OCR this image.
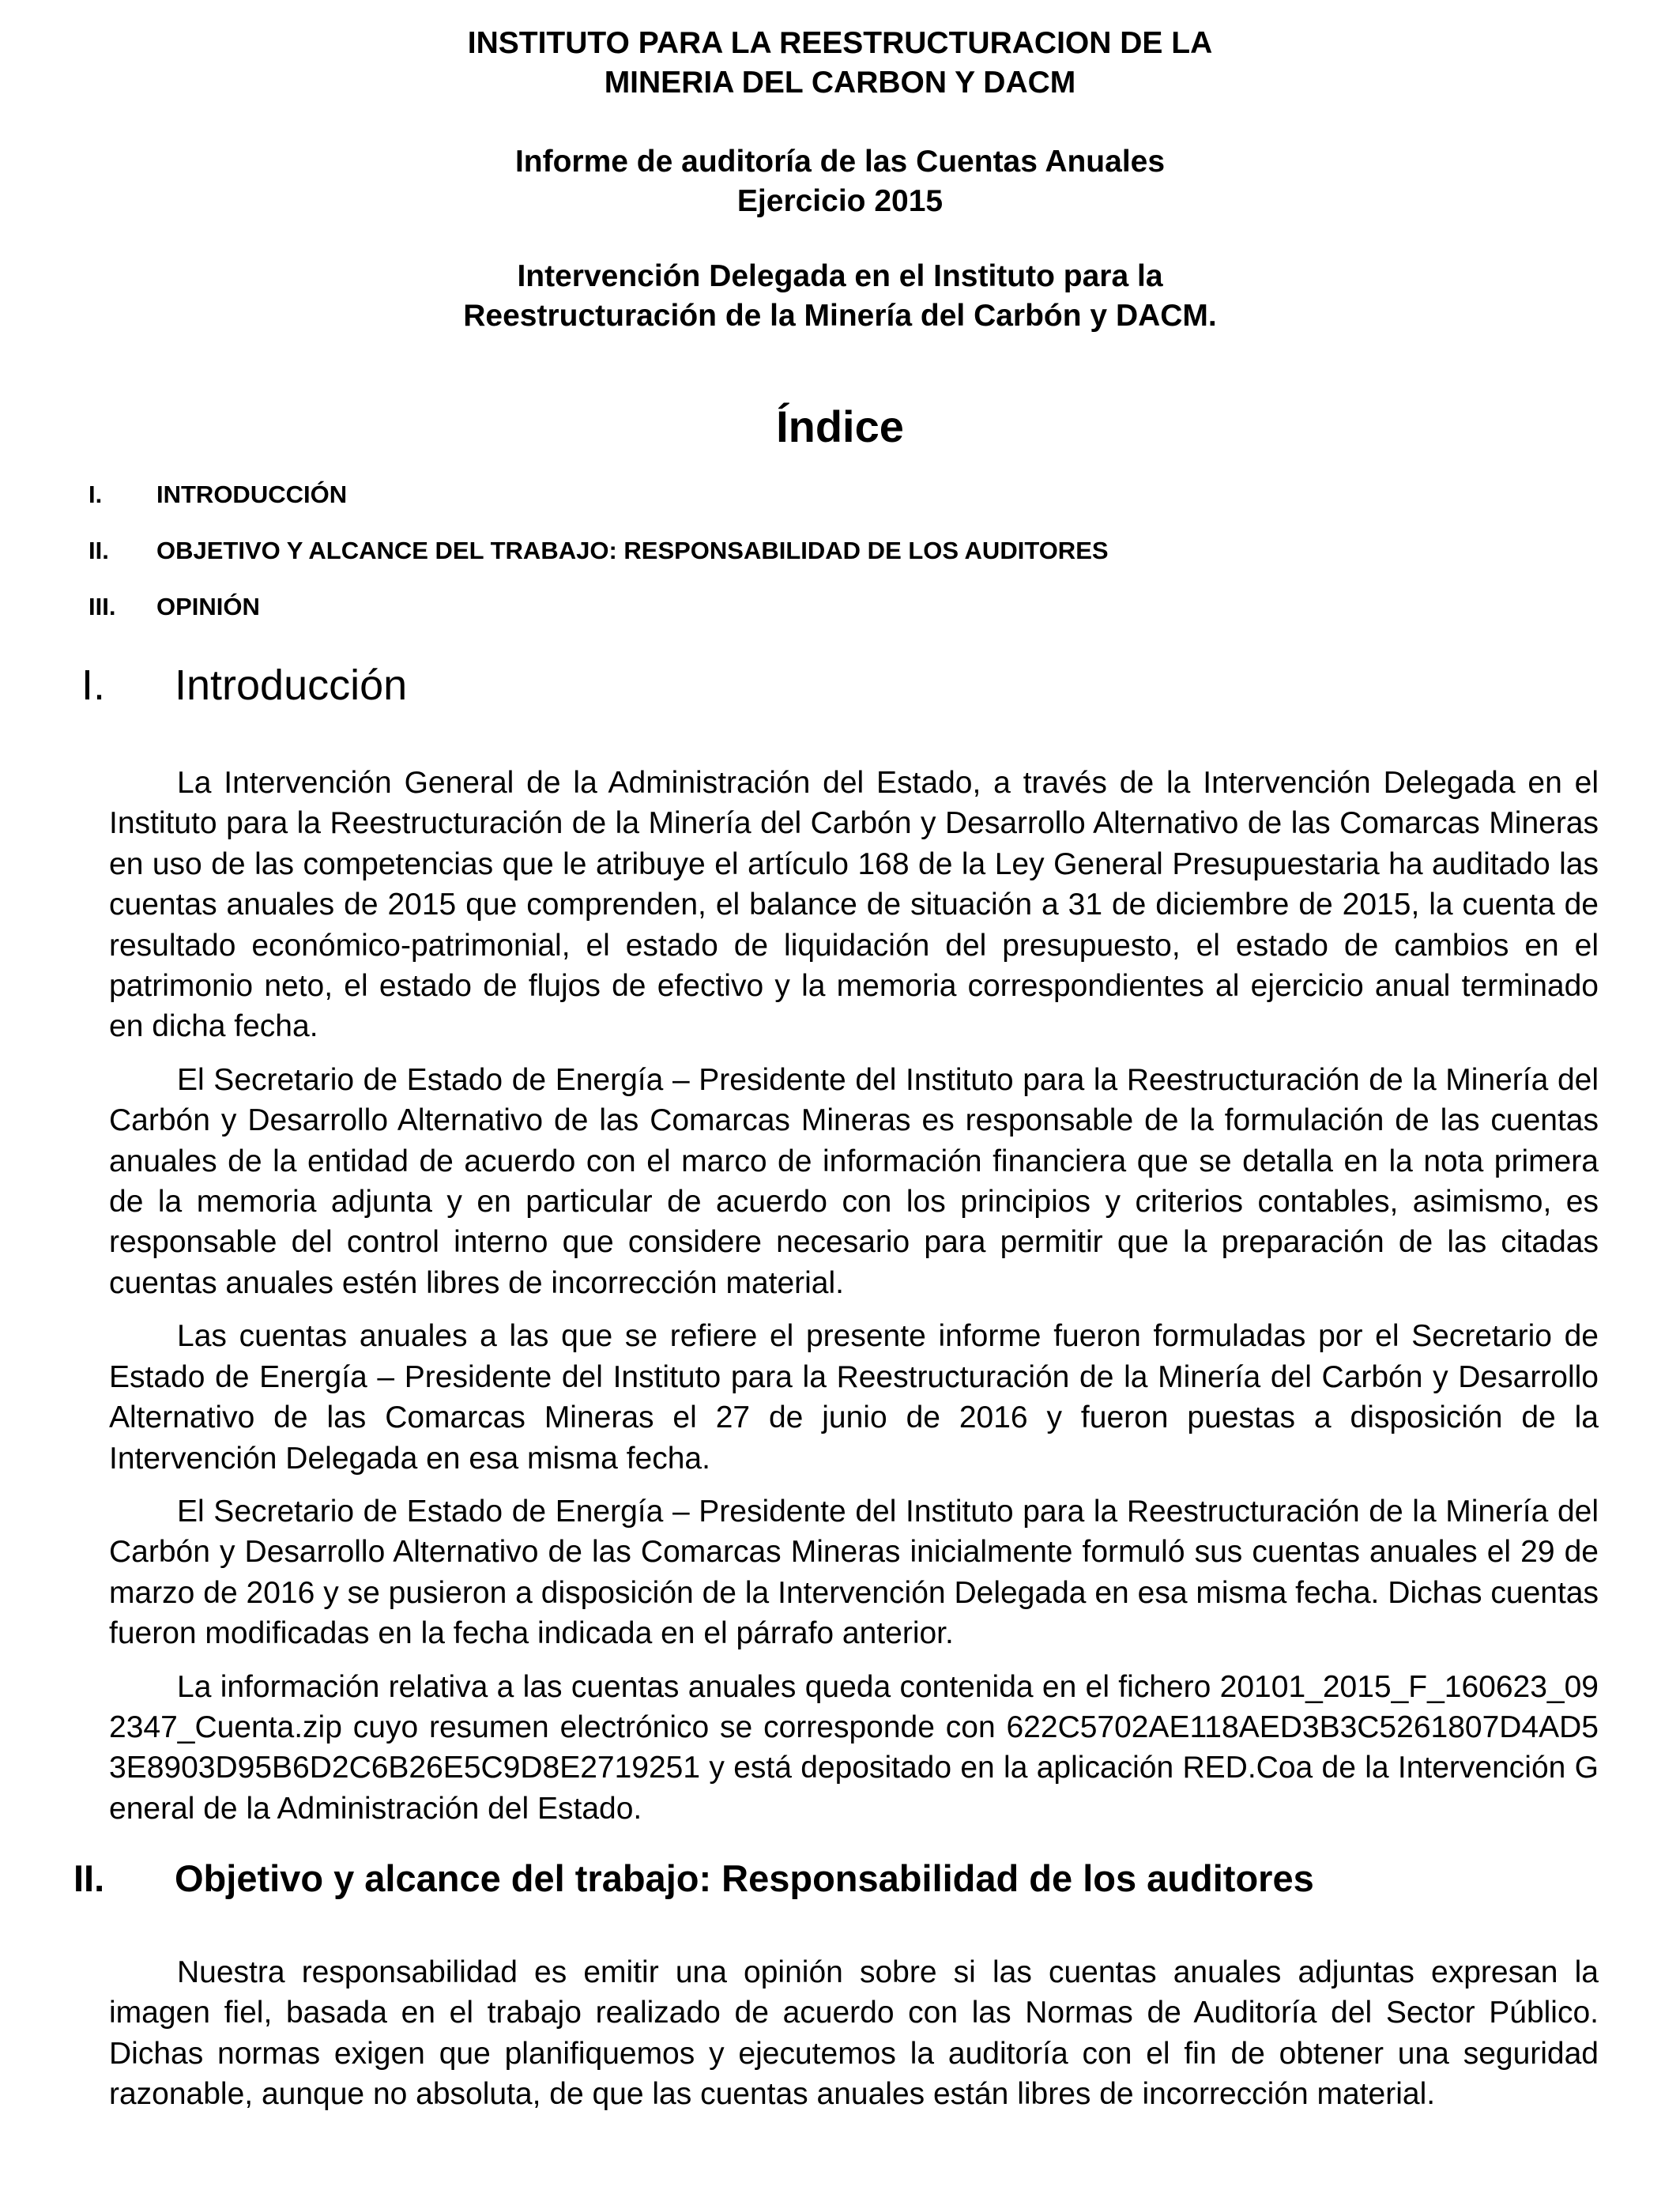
INSTITUTO PARA LA REESTRUCTURACION DE LA
MINERIA DEL CARBON Y DACM
Informe de auditoría de las Cuentas Anuales
Ejercicio 2015
Intervención Delegada en el Instituto para la
Reestructuración de la Minería del Carbón y DACM.
Índice
I. INTRODUCCIÓN
II. OBJETIVO Y ALCANCE DEL TRABAJO: RESPONSABILIDAD DE LOS AUDITORES
III. OPINIÓN
I. Introducción

La Intervención General de la Administración del Estado, a través de la Intervención Delegada en el Instituto para la Reestructuración de la Minería del Carbón y Desarrollo Alternativo de las Comarcas Mineras en uso de las competencias que le atribuye el artículo 168 de la Ley General Presupuestaria ha auditado las cuentas anuales de 2015 que comprenden, el balance de situación a 31 de diciembre de 2015, la cuenta de resultado económico-patrimonial, el estado de liquidación del presupuesto, el estado de cambios en el patrimonio neto, el estado de flujos de efectivo y la memoria correspondientes al ejercicio anual terminado en dicha fecha.

El Secretario de Estado de Energía – Presidente del Instituto para la Reestructuración de la Minería del Carbón y Desarrollo Alternativo de las Comarcas Mineras es responsable de la formulación de las cuentas anuales de la entidad de acuerdo con el marco de información financiera que se detalla en la nota primera de la memoria adjunta y en particular de acuerdo con los principios y criterios contables, asimismo, es responsable del control interno que considere necesario para permitir que la preparación de las citadas cuentas anuales estén libres de incorrección material.

Las cuentas anuales a las que se refiere el presente informe fueron formuladas por el Secretario de Estado de Energía – Presidente del Instituto para la Reestructuración de la Minería del Carbón y Desarrollo Alternativo de las Comarcas Mineras el 27 de junio de 2016 y fueron puestas a disposición de la Intervención Delegada en esa misma fecha.

El Secretario de Estado de Energía – Presidente del Instituto para la Reestructuración de la Minería del Carbón y Desarrollo Alternativo de las Comarcas Mineras inicialmente formuló sus cuentas anuales el 29 de marzo de 2016 y se pusieron a disposición de la Intervención Delegada en esa misma fecha. Dichas cuentas fueron modificadas en la fecha indicada en el párrafo anterior.

La información relativa a las cuentas anuales queda contenida en el fichero 20101_2015_F_160623_092347_Cuenta.zip cuyo resumen electrónico se corresponde con 622C5702AE118AED3B3C5261807D4AD53E8903D95B6D2C6B26E5C9D8E2719251 y está depositado en la aplicación RED.Coa de la Intervención General de la Administración del Estado.

II. Objetivo y alcance del trabajo: Responsabilidad de los auditores

Nuestra responsabilidad es emitir una opinión sobre si las cuentas anuales adjuntas expresan la imagen fiel, basada en el trabajo realizado de acuerdo con las Normas de Auditoría del Sector Público. Dichas normas exigen que planifiquemos y ejecutemos la auditoría con el fin de obtener una seguridad razonable, aunque no absoluta, de que las cuentas anuales están libres de incorrección material.
